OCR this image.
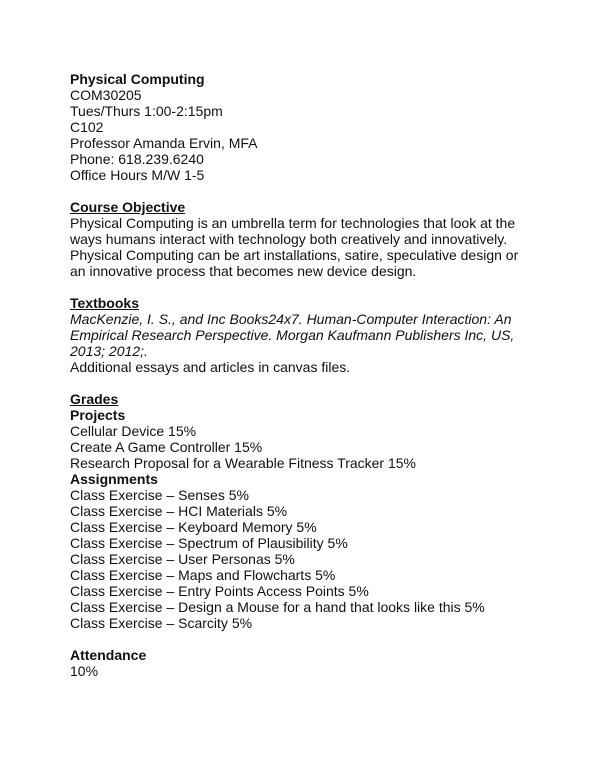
Physical Computing
COM30205
Tues/Thurs 1:00-2:15pm
C102
Professor Amanda Ervin, MFA
Phone: 618.239.6240
Office Hours M/W 1-5
Course Objective
Physical Computing is an umbrella term for technologies that look at the
ways humans interact with technology both creatively and innovatively.
Physical Computing can be art installations, satire, speculative design or
an innovative process that becomes new device design.
Textbooks
MacKenzie, I. S., and Inc Books24x7. Human-Computer Interaction: An
Empirical Research Perspective. Morgan Kaufmann Publishers Inc, US,
2013; 2012;.
Additional essays and articles in canvas files.
Grades
Projects
Cellular Device 15%
Create A Game Controller 15%
Research Proposal for a Wearable Fitness Tracker 15%
Assignments
Class Exercise – Senses 5%
Class Exercise – HCI Materials 5%
Class Exercise – Keyboard Memory 5%
Class Exercise – Spectrum of Plausibility 5%
Class Exercise – User Personas 5%
Class Exercise – Maps and Flowcharts 5%
Class Exercise – Entry Points Access Points 5%
Class Exercise – Design a Mouse for a hand that looks like this 5%
Class Exercise – Scarcity 5%
Attendance
10%
